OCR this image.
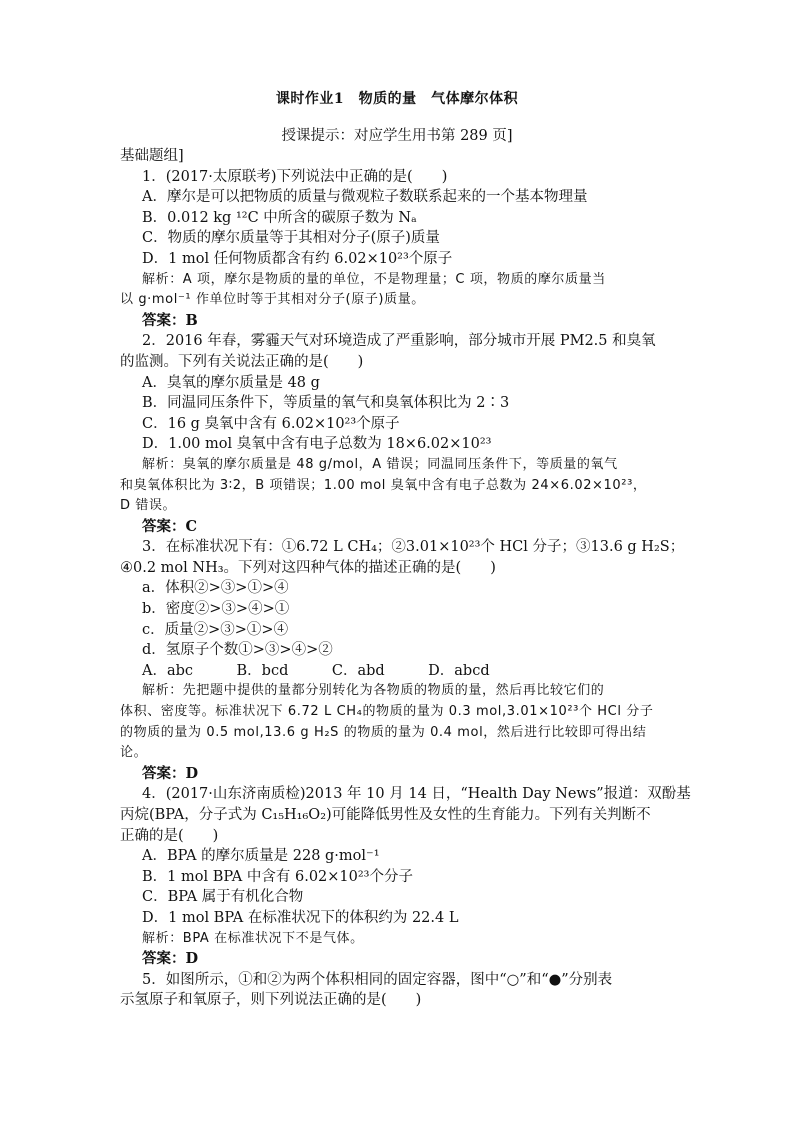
课时作业1　物质的量　气体摩尔体积
授课提示：对应学生用书第 289 页]
基础题组]
1．(2017·太原联考)下列说法中正确的是(　　)
A．摩尔是可以把物质的质量与微观粒子数联系起来的一个基本物理量
B．0.012 kg ¹²C 中所含的碳原子数为 Nₐ
C．物质的摩尔质量等于其相对分子(原子)质量
D．1 mol 任何物质都含有约 6.02×10²³个原子
解析：A 项，摩尔是物质的量的单位，不是物理量；C 项，物质的摩尔质量当
以 g·mol⁻¹ 作单位时等于其相对分子(原子)质量。
答案：B
2．2016 年春，雾霾天气对环境造成了严重影响，部分城市开展 PM2.5 和臭氧
的监测。下列有关说法正确的是(　　)
A．臭氧的摩尔质量是 48 g
B．同温同压条件下，等质量的氧气和臭氧体积比为 2∶3
C．16 g 臭氧中含有 6.02×10²³个原子
D．1.00 mol 臭氧中含有电子总数为 18×6.02×10²³
解析：臭氧的摩尔质量是 48 g/mol，A 错误；同温同压条件下，等质量的氧气
和臭氧体积比为 3∶2，B 项错误；1.00 mol 臭氧中含有电子总数为 24×6.02×10²³，
D 错误。
答案：C
3．在标准状况下有：①6.72 L CH₄；②3.01×10²³个 HCl 分子；③13.6 g H₂S；
④0.2 mol NH₃。下列对这四种气体的描述正确的是(　　)
a．体积②>③>①>④
b．密度②>③>④>①
c．质量②>③>①>④
d．氢原子个数①>③>④>②
A．abc　　　B．bcd　　　C．abd　　　D．abcd
解析：先把题中提供的量都分别转化为各物质的物质的量，然后再比较它们的
体积、密度等。标准状况下 6.72 L CH₄的物质的量为 0.3 mol,3.01×10²³个 HCl 分子
的物质的量为 0.5 mol,13.6 g H₂S 的物质的量为 0.4 mol，然后进行比较即可得出结
论。
答案：D
4．(2017·山东济南质检)2013 年 10 月 14 日，“Health Day News”报道：双酚基
丙烷(BPA，分子式为 C₁₅H₁₆O₂)可能降低男性及女性的生育能力。下列有关判断不
正确的是(　　)
A．BPA 的摩尔质量是 228 g·mol⁻¹
B．1 mol BPA 中含有 6.02×10²³个分子
C．BPA 属于有机化合物
D．1 mol BPA 在标准状况下的体积约为 22.4 L
解析：BPA 在标准状况下不是气体。
答案：D
5．如图所示，①和②为两个体积相同的固定容器，图中“○”和“●”分别表
示氢原子和氧原子，则下列说法正确的是(　　)
